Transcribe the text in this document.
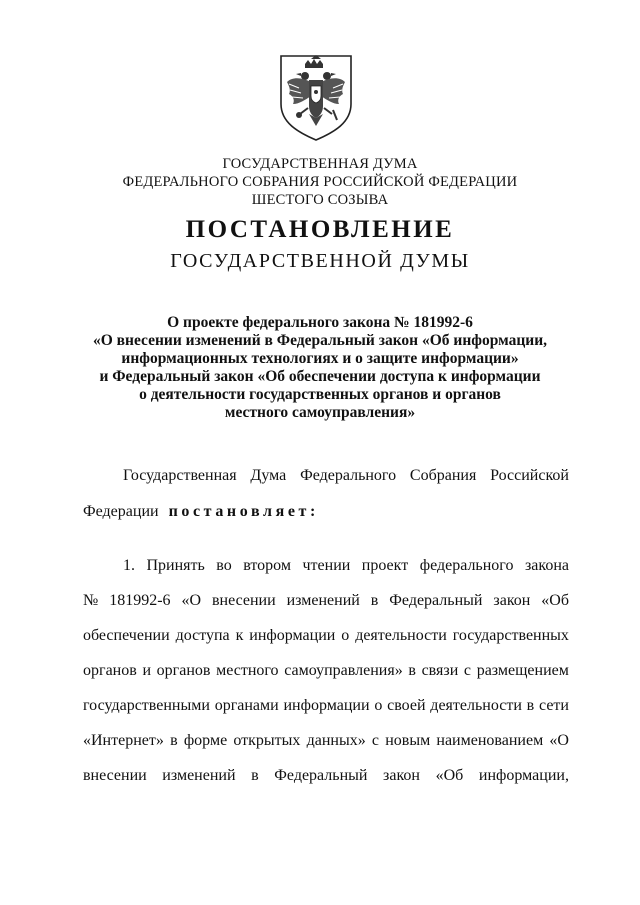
ГОСУДАРСТВЕННАЯ ДУМА
ФЕДЕРАЛЬНОГО СОБРАНИЯ РОССИЙСКОЙ ФЕДЕРАЦИИ
ШЕСТОГО СОЗЫВА
ПОСТАНОВЛЕНИЕ
ГОСУДАРСТВЕННОЙ ДУМЫ
О проекте федерального закона № 181992-6
«О внесении изменений в Федеральный закон «Об информации,
информационных технологиях и о защите информации»
и Федеральный закон «Об обеспечении доступа к информации
о деятельности государственных органов и органов
местного самоуправления»
Государственная Дума Федерального Собрания Российской
Федерации постановляет:
1. Принять во втором чтении проект федерального закона
№ 181992-6 «О внесении изменений в Федеральный закон «Об
обеспечении доступа к информации о деятельности государственных
органов и органов местного самоуправления» в связи с размещением
государственными органами информации о своей деятельности в сети
«Интернет» в форме открытых данных» с новым наименованием «О
внесении изменений в Федеральный закон «Об информации,
